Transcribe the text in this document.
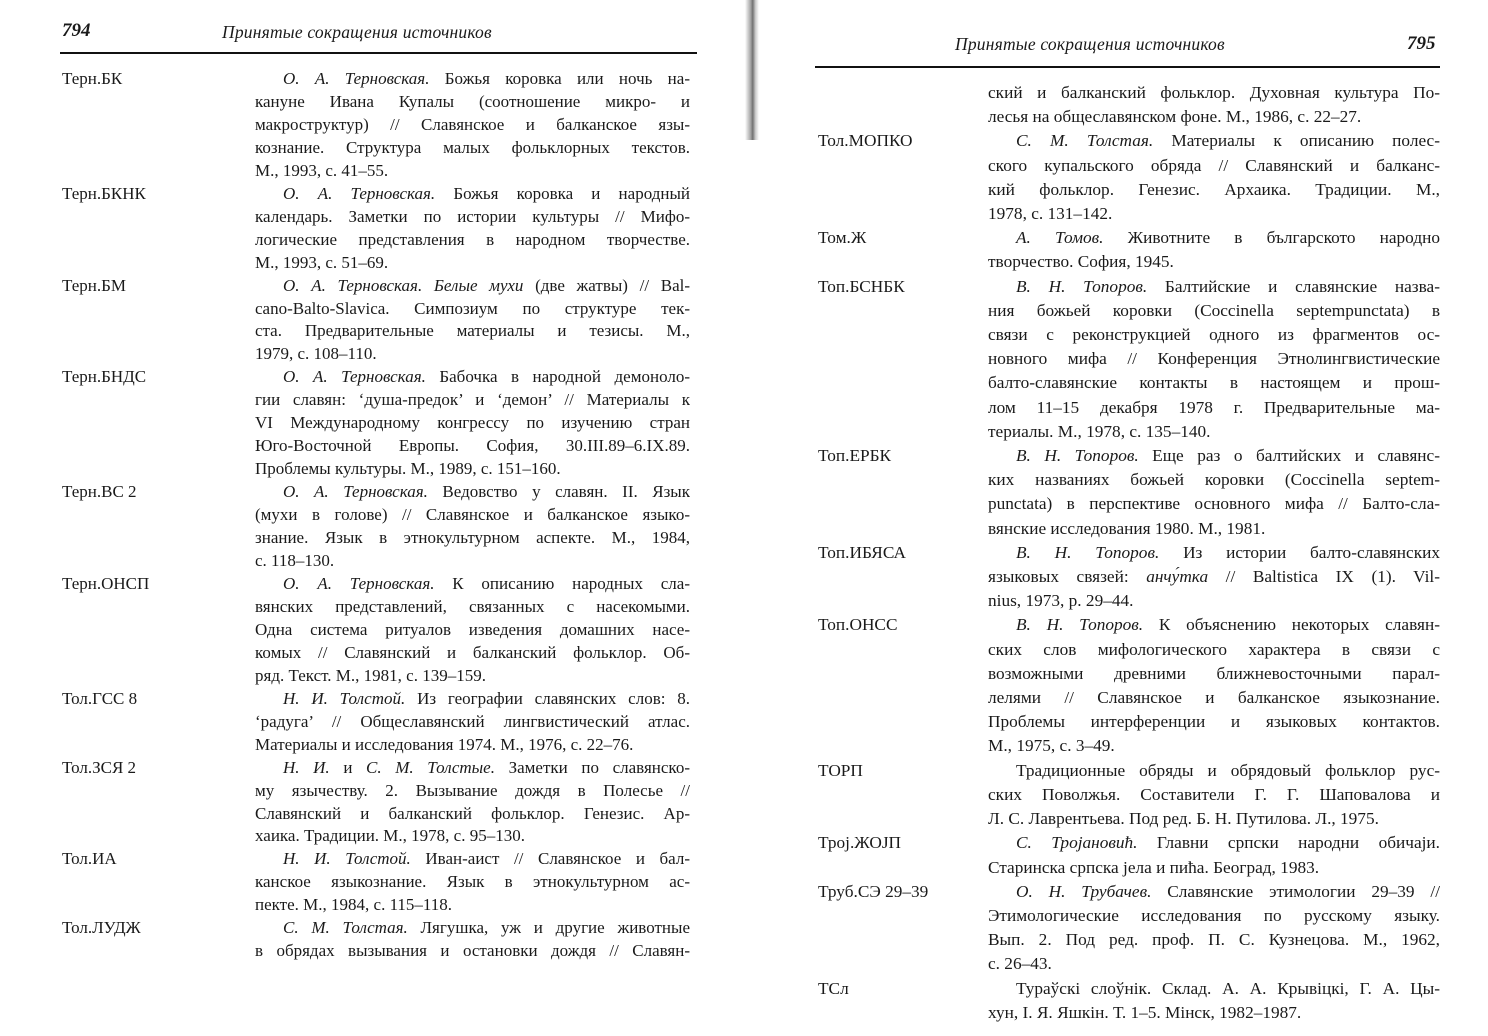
794	Принятые сокращения источников
Терн.БК	О. А. Терновская. Божья коровка или ночь на-
кануне Ивана Купалы (соотношение микро- и
макроструктур) // Славянское и балканское язы-
кознание. Структура малых фольклорных текстов.
М., 1993, с. 41–55.
Терн.БКНК	О. А. Терновская. Божья коровка и народный
календарь. Заметки по истории культуры // Мифо-
логические представления в народном творчестве.
М., 1993, с. 51–69.
Терн.БМ	О. А. Терновская. Белые мухи (две жатвы) // Bal-
cano-Balto-Slavica. Симпозиум по структуре тек-
ста. Предварительные материалы и тезисы. М.,
1979, с. 108–110.
Терн.БНДС	О. А. Терновская. Бабочка в народной демоноло-
гии славян: ‘душа-предок’ и ‘демон’ // Материалы к
VI Международному конгрессу по изучению стран
Юго-Восточной Европы. София, 30.III.89–6.IX.89.
Проблемы культуры. М., 1989, с. 151–160.
Терн.ВС 2	О. А. Терновская. Ведовство у славян. II. Язык
(мухи в голове) // Славянское и балканское языко-
знание. Язык в этнокультурном аспекте. М., 1984,
с. 118–130.
Терн.ОНСП	О. А. Терновская. К описанию народных сла-
вянских представлений, связанных с насекомыми.
Одна система ритуалов изведения домашних насе-
комых // Славянский и балканский фольклор. Об-
ряд. Текст. М., 1981, с. 139–159.
Тол.ГСС 8	Н. И. Толстой. Из географии славянских слов: 8.
‘радуга’ // Общеславянский лингвистический атлас.
Материалы и исследования 1974. М., 1976, с. 22–76.
Тол.ЗСЯ 2	Н. И. и С. М. Толстые. Заметки по славянско-
му язычеству. 2. Вызывание дождя в Полесье //
Славянский и балканский фольклор. Генезис. Ар-
хаика. Традиции. М., 1978, с. 95–130.
Тол.ИА	Н. И. Толстой. Иван-аист // Славянское и бал-
канское языкознание. Язык в этнокультурном ас-
пекте. М., 1984, с. 115–118.
Тол.ЛУДЖ	С. М. Толстая. Лягушка, уж и другие животные
в обрядах вызывания и остановки дождя // Славян-
Принятые сокращения источников	795
ский и балканский фольклор. Духовная культура По-
лесья на общеславянском фоне. М., 1986, с. 22–27.
Тол.МОПКО	С. М. Толстая. Материалы к описанию полес-
ского купальского обряда // Славянский и балканс-
кий фольклор. Генезис. Архаика. Традиции. М.,
1978, с. 131–142.
Том.Ж	А. Томов. Животните в българското народно
творчество. София, 1945.
Топ.БСНБК	В. Н. Топоров. Балтийские и славянские назва-
ния божьей коровки (Coccinella septempunctata) в
связи с реконструкцией одного из фрагментов ос-
новного мифа // Конференция Этнолингвистические
балто-славянские контакты в настоящем и прош-
лом 11–15 декабря 1978 г. Предварительные ма-
териалы. М., 1978, с. 135–140.
Топ.ЕРБК	В. Н. Топоров. Еще раз о балтийских и славянс-
ких названиях божьей коровки (Coccinella septem-
punctata) в перспективе основного мифа // Балто-сла-
вянские исследования 1980. М., 1981.
Топ.ИБЯСА	В. Н. Топоров. Из истории балто-славянских
языковых связей: анчу́тка // Baltistica IX (1). Vil-
nius, 1973, p. 29–44.
Топ.ОНСС	В. Н. Топоров. К объяснению некоторых славян-
ских слов мифологического характера в связи с
возможными древними ближневосточными парал-
лелями // Славянское и балканское языкознание.
Проблемы интерференции и языковых контактов.
М., 1975, с. 3–49.
ТОРП	Традиционные обряды и обрядовый фольклор рус-
ских Поволжья. Составители Г. Г. Шаповалова и
Л. С. Лаврентьева. Под ред. Б. Н. Путилова. Л., 1975.
Троj.ЖОЈП	С. Трojановић. Главни српски народни обичаjи.
Старинска српска jела и пића. Београд, 1983.
Труб.СЭ 29–39	О. Н. Трубачев. Славянские этимологии 29–39 //
Этимологические исследования по русскому языку.
Вып. 2. Под ред. проф. П. С. Кузнецова. М., 1962,
с. 26–43.
ТСл	Тураўскі слоўнік. Склад. А. А. Крывіцкі, Г. А. Цы-
хун, І. Я. Яшкін. Т. 1–5. Мінск, 1982–1987.
